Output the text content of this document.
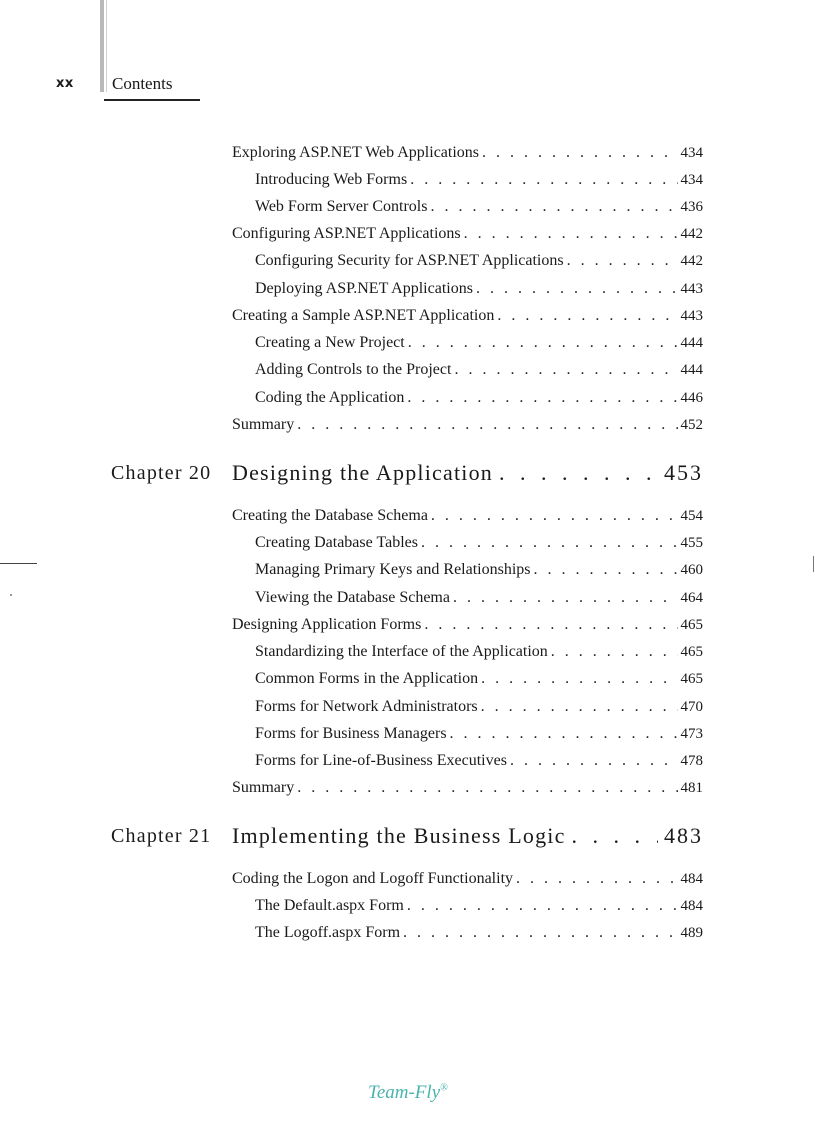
xx Contents
Exploring ASP.NET Web Applications . . .	434
Introducing Web Forms . . .	434
Web Form Server Controls . . .	436
Configuring ASP.NET Applications . . .	442
Configuring Security for ASP.NET Applications . . .	442
Deploying ASP.NET Applications . . .	443
Creating a Sample ASP.NET Application . . .	443
Creating a New Project . . .	444
Adding Controls to the Project . . .	444
Coding the Application . . .	446
Summary . . .	452
Chapter 20 Designing the Application . . .	453
Creating the Database Schema . . .	454
Creating Database Tables . . .	455
Managing Primary Keys and Relationships . . .	460
Viewing the Database Schema . . .	464
Designing Application Forms . . .	465
Standardizing the Interface of the Application . . .	465
Common Forms in the Application . . .	465
Forms for Network Administrators . . .	470
Forms for Business Managers . . .	473
Forms for Line-of-Business Executives . . .	478
Summary . . .	481
Chapter 21 Implementing the Business Logic . . .	483
Coding the Logon and Logoff Functionality . . .	484
The Default.aspx Form . . .	484
The Logoff.aspx Form . . .	489
Team-Fly®
